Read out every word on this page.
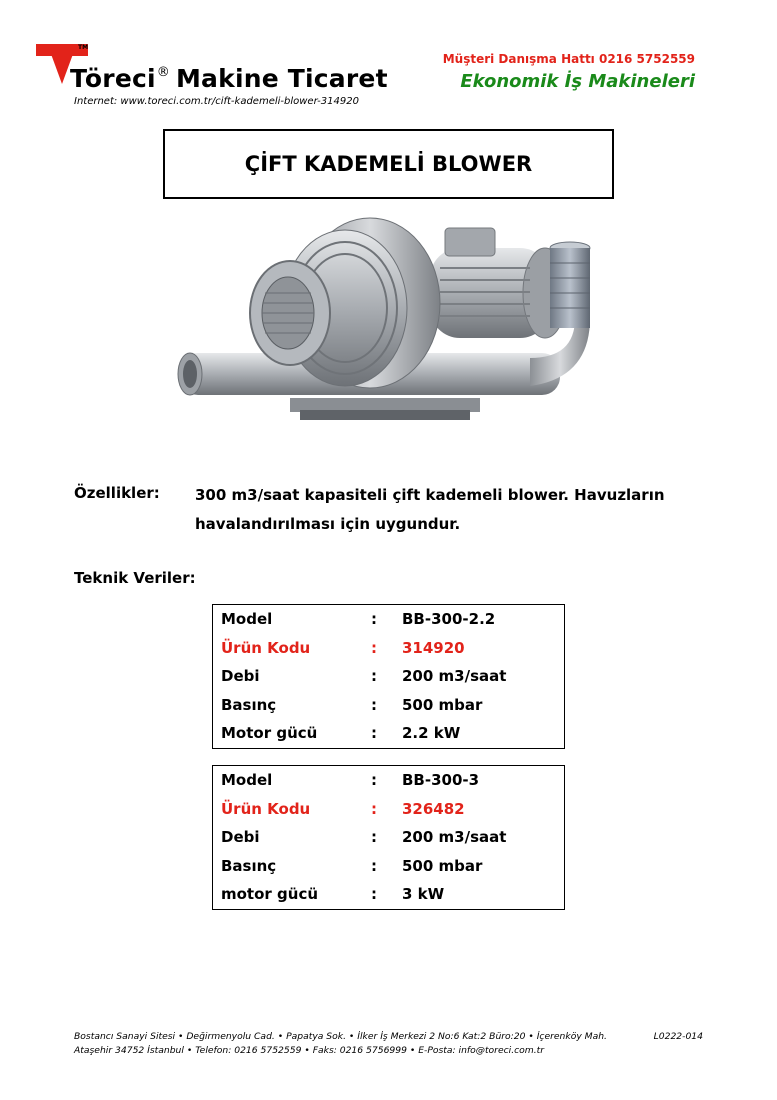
TM
Töreci® Makine Ticaret
Internet: www.toreci.com.tr/cift-kademeli-blower-314920
Müşteri Danışma Hattı 0216 5752559
Ekonomik İş Makineleri
ÇİFT KADEMELİ BLOWER
Özellikler: 300 m3/saat kapasiteli çift kademeli blower. Havuzların havalandırılması için uygundur.
Teknik Veriler:
Model	: BB-300-2.2
Ürün Kodu	: 314920
Debi	: 200 m3/saat
Basınç	: 500 mbar
Motor gücü	: 2.2 kW
Model	: BB-300-3
Ürün Kodu	: 326482
Debi	: 200 m3/saat
Basınç	: 500 mbar
motor gücü	: 3 kW
Bostancı Sanayi Sitesi • Değirmenyolu Cad. • Papatya Sok. • İlker İş Merkezi 2 No:6 Kat:2 Büro:20 • İçerenköy Mah.
Ataşehir 34752 İstanbul • Telefon: 0216 5752559 • Faks: 0216 5756999 • E-Posta: info@toreci.com.tr
L0222-014
